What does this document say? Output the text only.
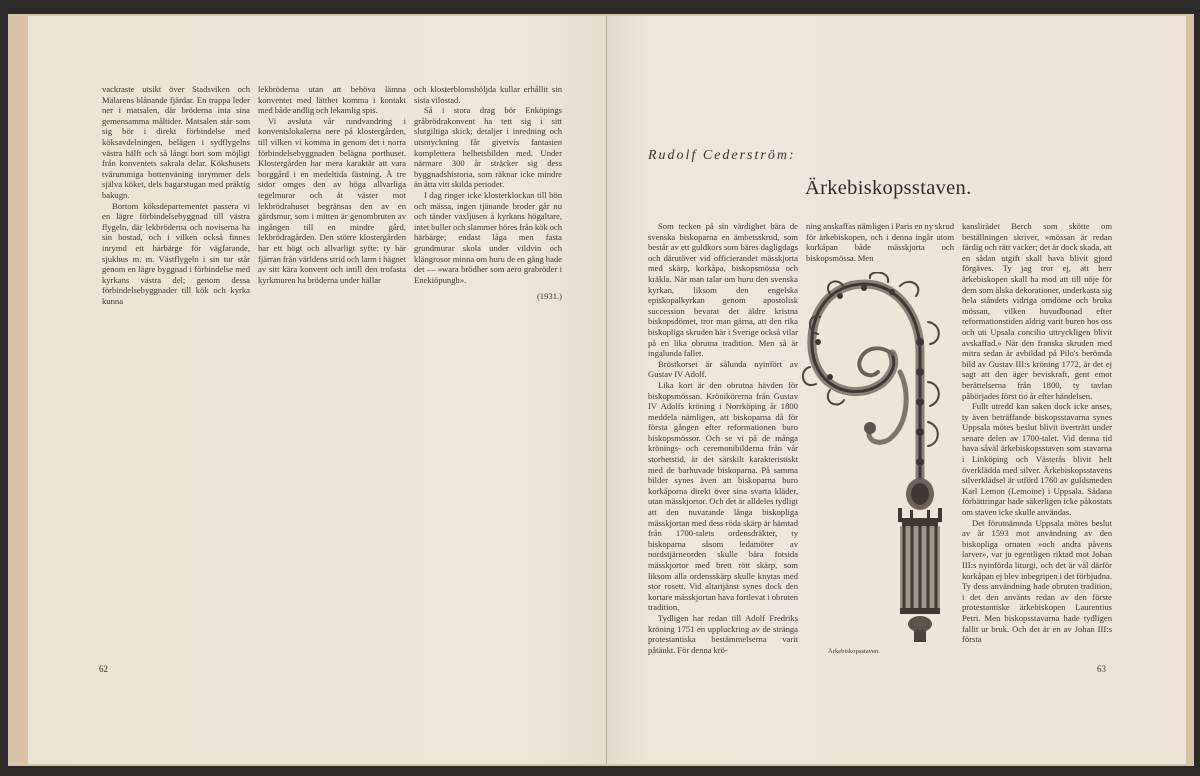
vackraste utsikt över Stadsviken och Mälarens blånande fjärdar. En trappa leder ner i matsalen, där bröderna inta sina gemensamma måltider. Matsalen står som sig bör i direkt förbindelse med köksavdelningen, belägen i sydflygelns västra hälft och så långt bort som möjligt från konventets sakrala delar. Kökshusets tvärummiga bottenväning inrymmer dels själva köket, dels bagarstugan med präktig bakugn.

Bortom köksdepartementet passera vi en lägre förbindelsebyggnad till västra flygeln, där lekbröderna och noviserna ha sin bostad, och i vilken också finnes inrymd ett härbärge för vägfarande, sjukhus m. m. Västflygeln i sin tur står genom en lägre byggnad i förbindelse med kyrkans västra del; genom dessa förbindelsebyggnader till kök och kyrka kunna

lekbröderna utan att behöva lämna konventet med lätthet komma i kontakt med både andlig och lekamlig spis.

Vi avsluta vår rundvandring i konventslokalerna nere på klostergården, till vilken vi komma in genom det i norra förbindelsebyggnaden belägna porthuset. Klostergården har mera karaktär att vara borggård i en medeltida fästning. Å tre sidor omges den av höga allvarliga tegelmurar och åt väster mot lekbrödrahuset begränsas den av en gärdsmur, som i mitten är genombruten av ingången till en mindre gård, lekbrödragården. Den större klostergården har ett högt och allvarligt syfte: ty här fjärran från världens strid och larm i hägnet av sitt kära konvent och intill den trofasta kyrkmuren ha bröderna under hällar

och klosterblomshöljda kullar erhållit sin sista vilostad.

Så i stora drag bör Enköpings gråbrödrakonvent ha tett sig i sitt slutgiltiga skick; detaljer i inredning och utsmyckning får givetvis fantasien komplettera helhetsbilden med. Under närmare 300 år sträcker sig dess byggnadshistoria, som räknar icke mindre än åtta vitt skilda perioder.

I dag ringer icke klosterklockan till bön och mässa, ingen tjänande broder går nu och tänder vaxljusen å kyrkans högaltare, intet buller och slammer höres från kök och härbärge; endast låga men fasta grundmurar skola under vildvin och klängrosor minna om huru de en gång hade det — »wara brödher som aero grabröder i Enekiöpungh».

(1931.)

62
Rudolf Cederström:
Ärkebiskopsstaven.

Som tecken på sin värdighet bära de svenska biskoparna en ämbetsskrud, som består av ett guldkors som bäres dagligdags och därutöver vid officierandet mässkjorta med skärp, korkåpa, biskopsmössa och kräkla. När man talar om huru den svenska kyrkan, liksom den engelska episkopalkyrkan genom apostolisk succession bevarat det äldre kristna biskopsdömet, tror man gärna, att den rika biskopliga skruden här i Sverige också vilar på en lika obrutna tradition. Men så är ingalunda fallet.

Bröstkorset är sålunda nyinfört av Gustav IV Adolf.

Lika kort är den obrutna hävden för biskopsmössan. Krönikörerna från Gustav IV Adolfs kröning i Norrköping år 1800 meddela nämligen, att biskoparna då för första gången efter reformationen buro biskopsmössor. Och se vi på de många krönings- och ceremonibilderna från vår storhetstid, är det särskilt karakteristiskt med de barhuvade biskoparna. På samma bilder synes även att biskoparna buro korkåporna direkt över sina svarta kläder, utan mässkjortor. Och det är alldeles tydligt att den nuvarande långa biskopliga mässkjortan med dess röda skärp är hämtad från 1700-talets ordensdräkter, ty biskoparna såsom ledamöter av nordstjärneorden skulle bära fotsida mässkjortor med brett rött skärp, som liksom alla ordensskärp skulle knytas med stor rosett. Vid altartjänst synes dock den kortare mässkjortan hava fortlevat i obruten tradition.

Tydligen har redan till Adolf Fredriks kröning 1751 en uppluckring av de stränga protestantiska bestämmelserna varit påtänkt. För denna krö-

ning anskaffas nämligen i Paris en ny skrud för ärkebiskopen, och i denna ingår utom korkåpan både mässkjorta och biskopsmössa. Men

kansliràdet Berch som skötte om beställningen skriver, »mössan är redan färdig och rätt vacker; det är dock skada, att en sådan utgift skall hava blivit gjord förgäves. Ty jag tror ej, att herr ärkebiskopen skall ha mod att till nöje för dem som älska dekorationer, underkasta sig hela ståndets vidriga omdöme och bruka mössan, vilken huvudbonad efter reformationstiden aldrig varit buren hos oss och uti Upsala concilio uttryckligen blivit avskaffad.» När den franska skruden med mitra sedan är avbildad på Pilo's berömda bild av Gustav III:s kröning 1772, är det ej sagt att den äger beviskraft, gent emot berättelserna från 1800, ty tavlan påbörjades först tio år efter händelsen.

Fullt utredd kan saken dock icke anses, ty även beträffande biskopsstavarna synes Uppsala mötes beslut blivit överträtt under senare delen av 1700-talet. Vid denna tid hava såväl ärkebiskopsstaven som stavarna i Linköping och Västerås blivit helt överklädda med silver. Ärkebiskopsstavens silverklädsel är utförd 1760 av guldsmeden Karl Lemon (Lemoine) i Uppsala. Sådana förbättringar hade säkerligen icke påkostats om staven icke skulle användas.

Det förutnämnda Uppsala mötes beslut av år 1593 mot användning av den biskopliga ornaten »och andra påvens larver», var ju egentligen riktad mot Johan III:s nyinförda liturgi, och det är väl därför korkåpan ej blev inbegripen i det förbjudna. Ty dess användning hade obruten tradition, i det den använts redan av den förste protestantiske ärkebiskopen Laurentius Petri. Men biskopsstavarna hade tydligen fallit ur bruk. Och det är en av Johan III:s första

Ärkebiskopsstaven.
63
